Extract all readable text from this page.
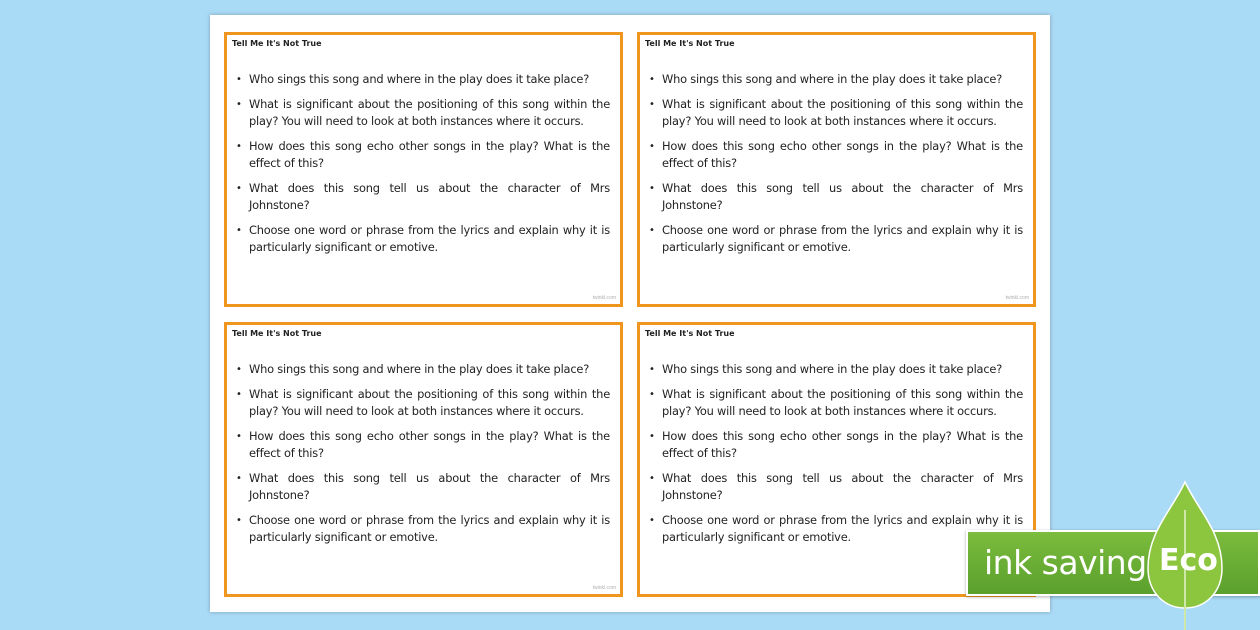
Tell Me It's Not True
• Who sings this song and where in the play does it take place?
• What is significant about the positioning of this song within the play? You will need to look at both instances where it occurs.
• How does this song echo other songs in the play? What is the effect of this?
• What does this song tell us about the character of Mrs Johnstone?
• Choose one word or phrase from the lyrics and explain why it is particularly significant or emotive.
twinkl.com
Tell Me It's Not True
• Who sings this song and where in the play does it take place?
• What is significant about the positioning of this song within the play? You will need to look at both instances where it occurs.
• How does this song echo other songs in the play? What is the effect of this?
• What does this song tell us about the character of Mrs Johnstone?
• Choose one word or phrase from the lyrics and explain why it is particularly significant or emotive.
twinkl.com
Tell Me It's Not True
• Who sings this song and where in the play does it take place?
• What is significant about the positioning of this song within the play? You will need to look at both instances where it occurs.
• How does this song echo other songs in the play? What is the effect of this?
• What does this song tell us about the character of Mrs Johnstone?
• Choose one word or phrase from the lyrics and explain why it is particularly significant or emotive.
twinkl.com
Tell Me It's Not True
• Who sings this song and where in the play does it take place?
• What is significant about the positioning of this song within the play? You will need to look at both instances where it occurs.
• How does this song echo other songs in the play? What is the effect of this?
• What does this song tell us about the character of Mrs Johnstone?
• Choose one word or phrase from the lyrics and explain why it is particularly significant or emotive.
ink saving Eco
